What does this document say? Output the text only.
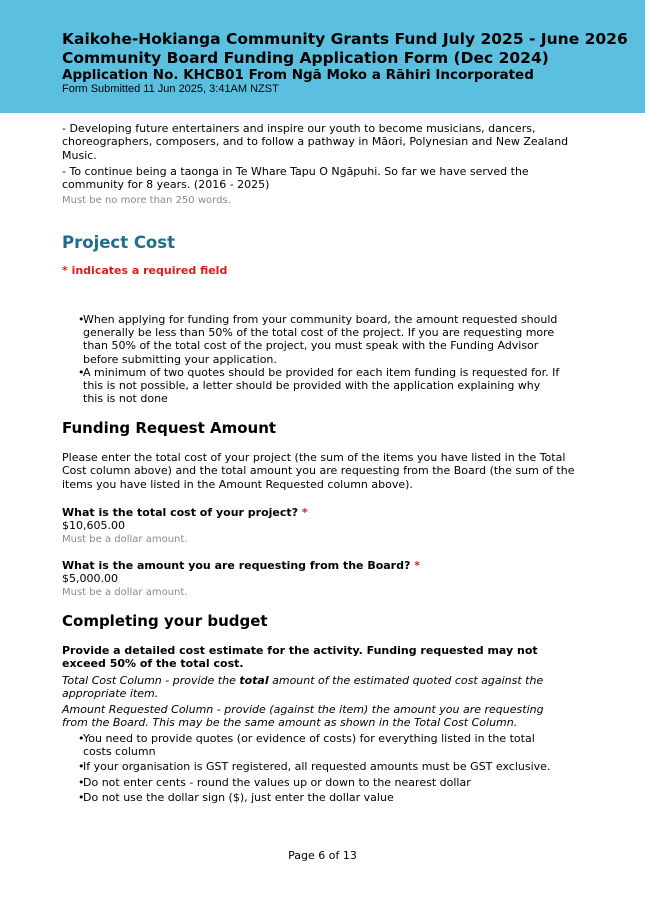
Kaikohe-Hokianga Community Grants Fund July 2025 - June 2026
Community Board Funding Application Form (Dec 2024)
Application No. KHCB01 From Ngā Moko a Rāhiri Incorporated
Form Submitted 11 Jun 2025, 3:41AM NZST

- Developing future entertainers and inspire our youth to become musicians, dancers, choreographers, composers, and to follow a pathway in Māori, Polynesian and New Zealand Music.

- To continue being a taonga in Te Whare Tapu O Ngāpuhi. So far we have served the community for 8 years. (2016 - 2025)

Must be no more than 250 words.

Project Cost

* indicates a required field

•
When applying for funding from your community board, the amount requested should generally be less than 50% of the total cost of the project. If you are requesting more than 50% of the total cost of the project, you must speak with the Funding Advisor before submitting your application.
•
A minimum of two quotes should be provided for each item funding is requested for. If this is not possible, a letter should be provided with the application explaining why this is not done
Funding Request Amount
Please enter the total cost of your project (the sum of the items you have listed in the Total Cost column above) and the total amount you are requesting from the Board (the sum of the items you have listed in the Amount Requested column above).

What is the total cost of your project? *

$10,605.00

Must be a dollar amount.

What is the amount you are requesting from the Board? *

$5,000.00

Must be a dollar amount.

Completing your budget

Provide a detailed cost estimate for the activity. Funding requested may not exceed 50% of the total cost.

Total Cost Column - provide the total amount of the estimated quoted cost against the appropriate item.

Amount Requested Column - provide (against the item) the amount you are requesting from the Board. This may be the same amount as shown in the Total Cost Column.

•
You need to provide quotes (or evidence of costs) for everything listed in the total costs column
•
If your organisation is GST registered, all requested amounts must be GST exclusive.
•
Do not enter cents - round the values up or down to the nearest dollar
•
Do not use the dollar sign ($), just enter the dollar value
Page 6 of 13
